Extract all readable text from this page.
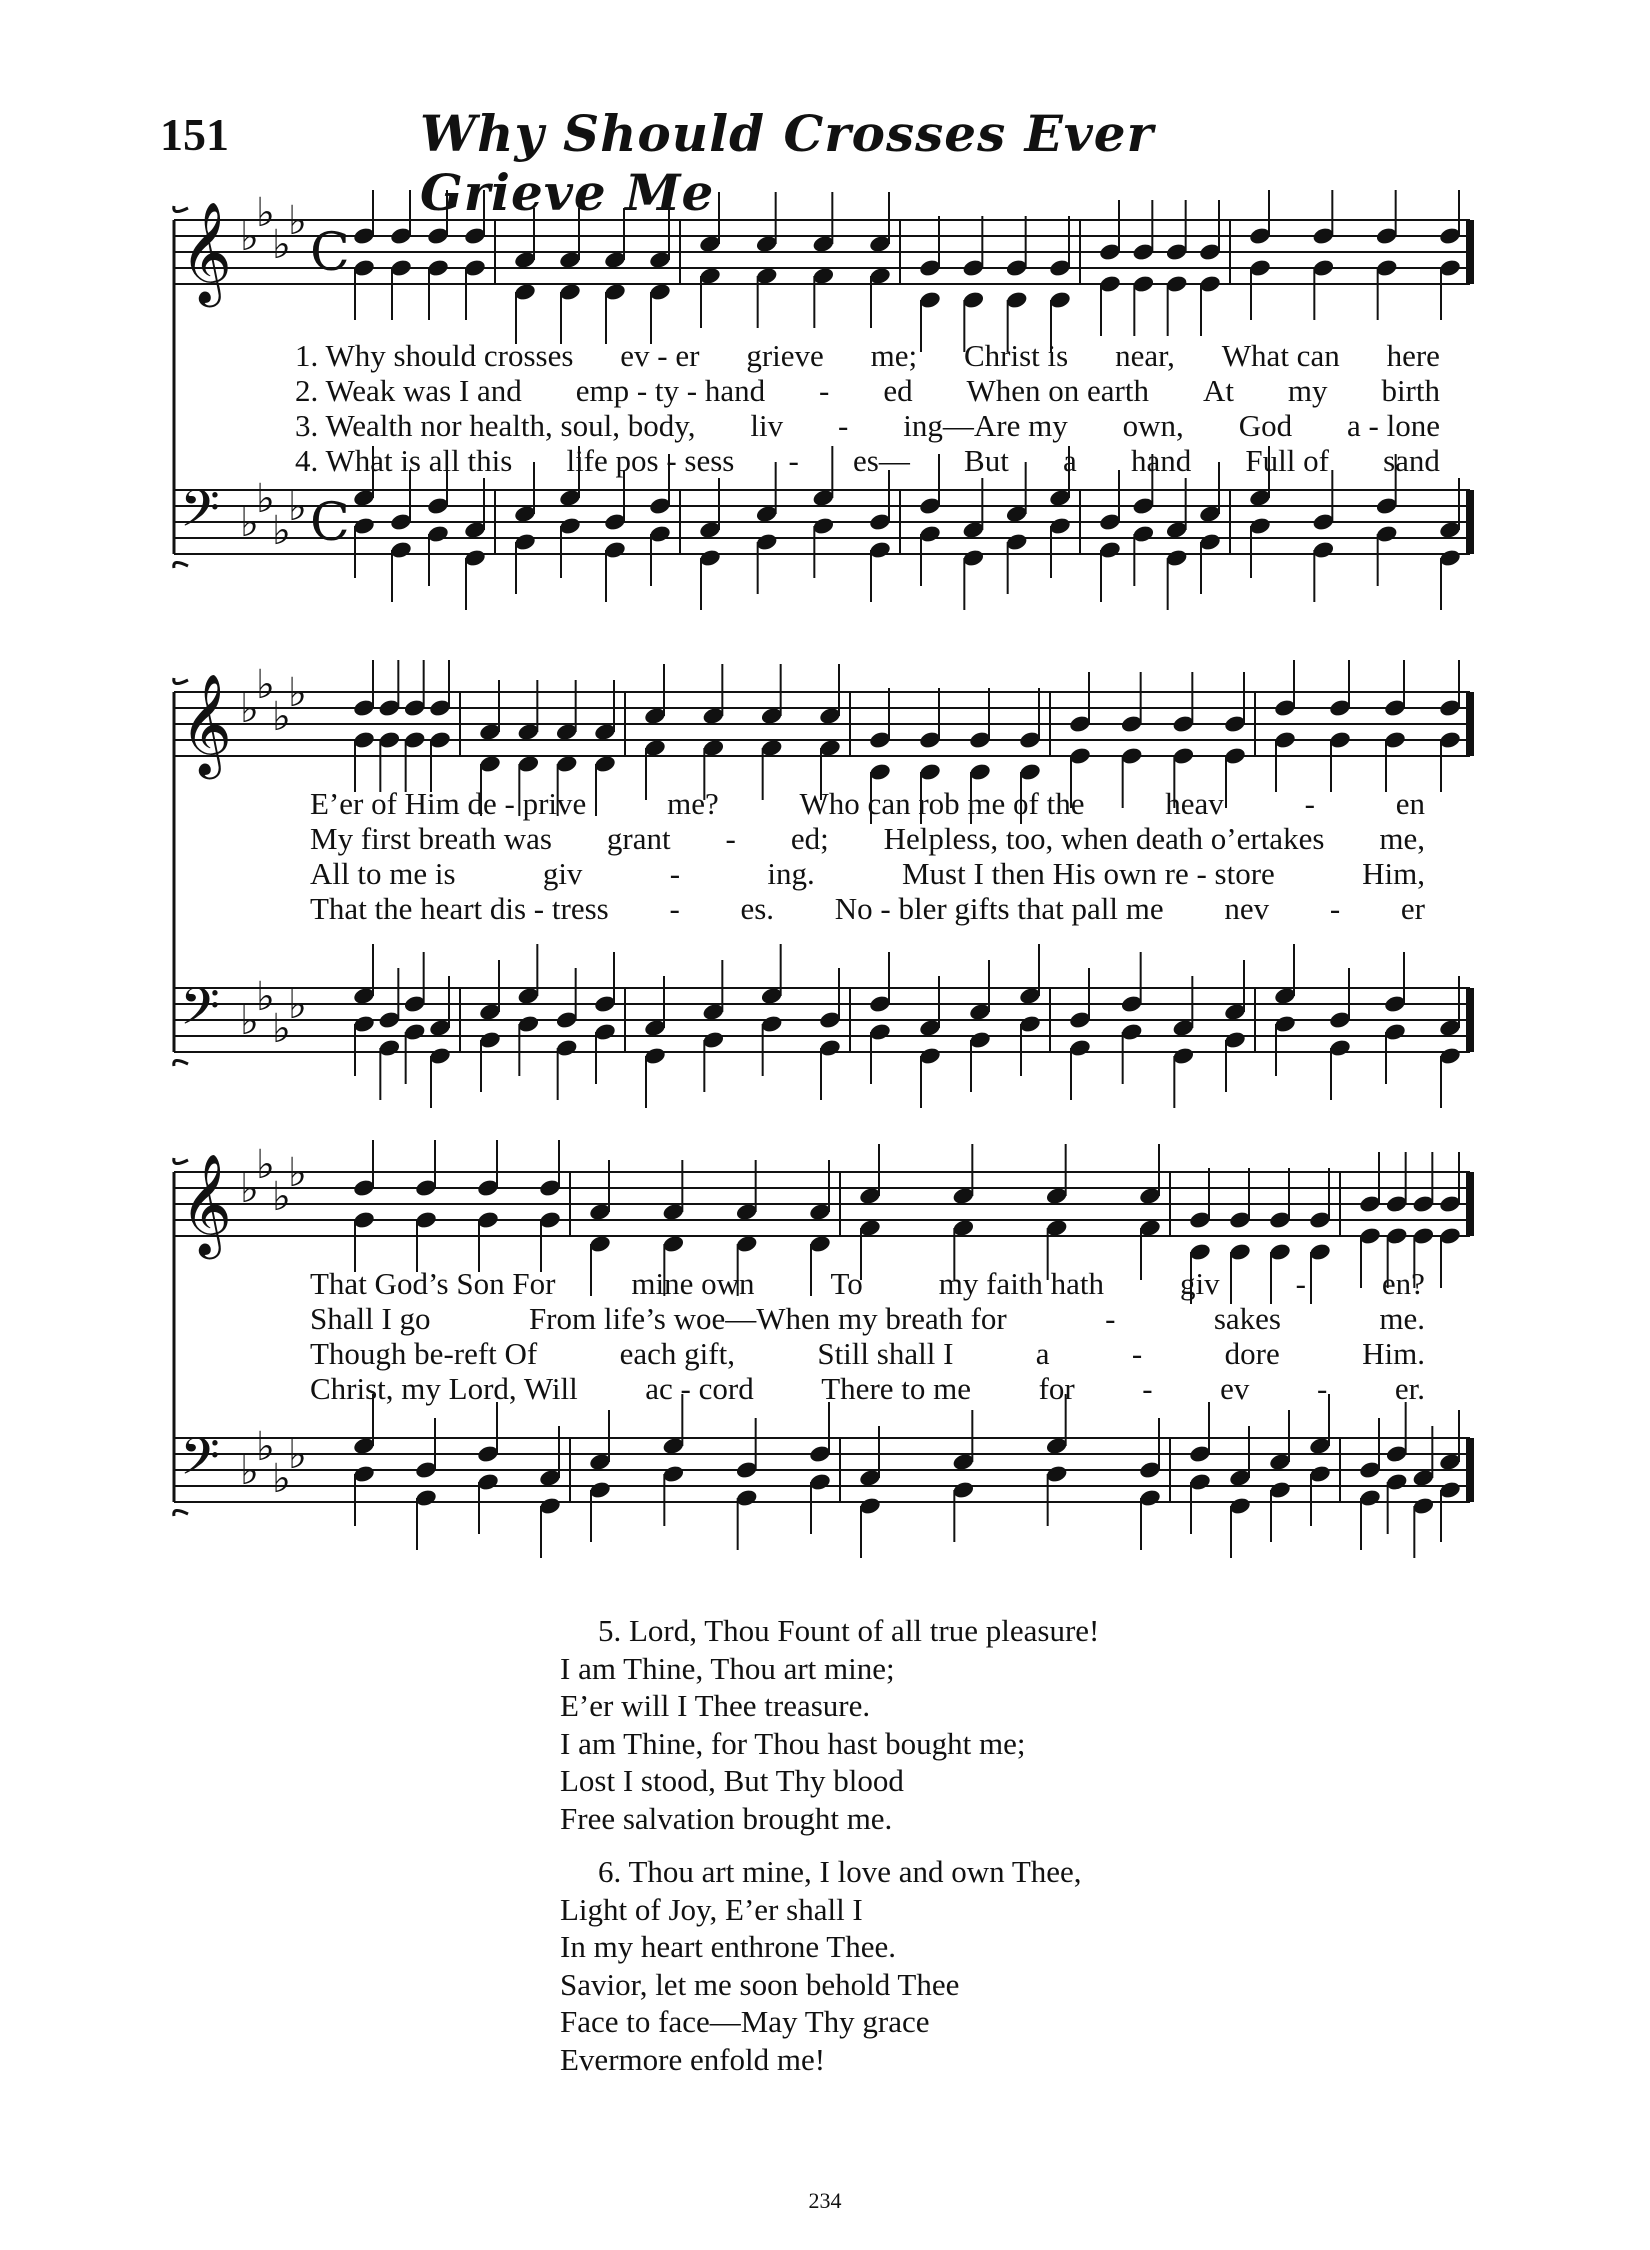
151	Why Should Crosses Ever Grieve Me
𝄞 ♭
♭
♭
♭
C
𝄢 ♭
♭
♭
♭ C
1. Why should crosses ev - er grieve me; Christ is near, What can here
2. Weak was I and emp - ty - hand - ed When on earth At my birth
3. Wealth nor health, soul, body, liv - ing—Are my own, God a - lone
4. What is all this life pos - sess - es— But a hand Full of sand
𝄞 ♭
♭
♭
♭
𝄢 ♭
♭
♭
♭
E’er of Him de - prive	me?	Who can rob me of the	heav	-	en
My first breath was grant - ed; Helpless, too, when death o’ertakes me,
All to me is	giv	-	ing.	Must I then His own re - store	Him,
That the heart dis - tress - es. No - bler gifts that pall me nev - er
𝄞 ♭
♭
♭
♭
𝄢 ♭
♭
♭
♭
That God’s Son For mine own To my faith hath giv - en?
Shall I go	From life’s woe—When my breath for	-	sakes	me.
Though be-reft Of	each gift,	Still shall I	a	-	dore	Him.
Christ, my Lord, Will ac - cord There to me for - ev - er.
5. Lord, Thou Fount of all true pleasure!
I am Thine, Thou art mine;
E’er will I Thee treasure.
I am Thine, for Thou hast bought me;
Lost I stood, But Thy blood
Free salvation brought me.
6. Thou art mine, I love and own Thee,
Light of Joy, E’er shall I
In my heart enthrone Thee.
Savior, let me soon behold Thee
Face to face—May Thy grace
Evermore enfold me!
234
